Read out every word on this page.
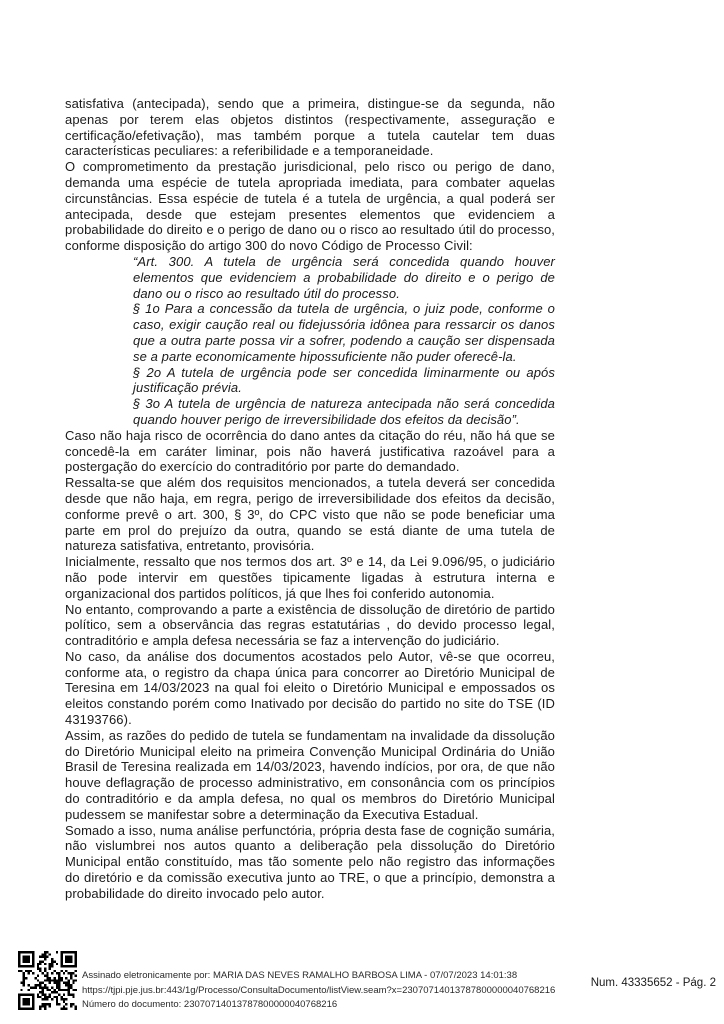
satisfativa (antecipada), sendo que a primeira, distingue-se da segunda, não apenas por terem elas objetos distintos (respectivamente, asseguração e certificação/efetivação), mas também porque a tutela cautelar tem duas características peculiares: a referibilidade e a temporaneidade.

O comprometimento da prestação jurisdicional, pelo risco ou perigo de dano, demanda uma espécie de tutela apropriada imediata, para combater aquelas circunstâncias. Essa espécie de tutela é a tutela de urgência, a qual poderá ser antecipada, desde que estejam presentes elementos que evidenciem a probabilidade do direito e o perigo de dano ou o risco ao resultado útil do processo, conforme disposição do artigo 300 do novo Código de Processo Civil:

“Art. 300. A tutela de urgência será concedida quando houver elementos que evidenciem a probabilidade do direito e o perigo de dano ou o risco ao resultado útil do processo.

§ 1o Para a concessão da tutela de urgência, o juiz pode, conforme o caso, exigir caução real ou fidejussória idônea para ressarcir os danos que a outra parte possa vir a sofrer, podendo a caução ser dispensada se a parte economicamente hipossuficiente não puder oferecê-la.

§ 2o A tutela de urgência pode ser concedida liminarmente ou após justificação prévia.

§ 3o A tutela de urgência de natureza antecipada não será concedida quando houver perigo de irreversibilidade dos efeitos da decisão”.

Caso não haja risco de ocorrência do dano antes da citação do réu, não há que se concedê-la em caráter liminar, pois não haverá justificativa razoável para a postergação do exercício do contraditório por parte do demandado.

Ressalta-se que além dos requisitos mencionados, a tutela deverá ser concedida desde que não haja, em regra, perigo de irreversibilidade dos efeitos da decisão, conforme prevê o art. 300, § 3º, do CPC visto que não se pode beneficiar uma parte em prol do prejuízo da outra, quando se está diante de uma tutela de natureza satisfativa, entretanto, provisória.

Inicialmente, ressalto que nos termos dos art. 3º e 14, da Lei 9.096/95, o judiciário não pode intervir em questões tipicamente ligadas à estrutura interna e organizacional dos partidos políticos, já que lhes foi conferido autonomia.

No entanto, comprovando a parte a existência de dissolução de diretório de partido político, sem a observância das regras estatutárias , do devido processo legal, contraditório e ampla defesa necessária se faz a intervenção do judiciário.

No caso, da análise dos documentos acostados pelo Autor, vê-se que ocorreu, conforme ata, o registro da chapa única para concorrer ao Diretório Municipal de Teresina em 14/03/2023 na qual foi eleito o Diretório Municipal e empossados os eleitos constando porém como Inativado por decisão do partido no site do TSE (ID 43193766).

Assim, as razões do pedido de tutela se fundamentam na invalidade da dissolução do Diretório Municipal eleito na primeira Convenção Municipal Ordinária do União Brasil de Teresina realizada em 14/03/2023, havendo indícios, por ora, de que não houve deflagração de processo administrativo, em consonância com os princípios do contraditório e da ampla defesa, no qual os membros do Diretório Municipal pudessem se manifestar sobre a determinação da Executiva Estadual.

Somado a isso, numa análise perfunctória, própria desta fase de cognição sumária, não vislumbrei nos autos quanto a deliberação pela dissolução do Diretório Municipal então constituído, mas tão somente pelo não registro das informações do diretório e da comissão executiva junto ao TRE, o que a princípio, demonstra a probabilidade do direito invocado pelo autor.

Assinado eletronicamente por: MARIA DAS NEVES RAMALHO BARBOSA LIMA - 07/07/2023 14:01:38
https://tjpi.pje.jus.br:443/1g/Processo/ConsultaDocumento/listView.seam?x=23070714013787800000040768216
Número do documento: 23070714013787800000040768216
Num. 43335652 - Pág. 2
